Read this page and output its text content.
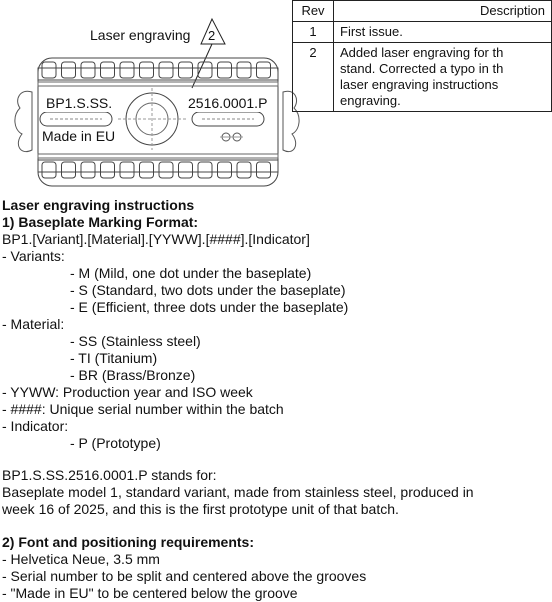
Laser engraving 2
BP1.S.SS.	2516.0001.P
Made in EU
Rev	Description
1	First issue.

2	Added laser engraving for th
stand. Corrected a typo in th
laser engraving instructions
engraving.
Laser engraving instructions
1) Baseplate Marking Format:
BP1.[Variant].[Material].[YYWW].[####].[Indicator]
- Variants:
- M (Mild, one dot under the baseplate)
- S (Standard, two dots under the baseplate)
- E (Efficient, three dots under the baseplate)
- Material:
- SS (Stainless steel)
- TI (Titanium)
- BR (Brass/Bronze)
- YYWW: Production year and ISO week
- ####: Unique serial number within the batch
- Indicator:
- P (Prototype)
BP1.S.SS.2516.0001.P stands for:
Baseplate model 1, standard variant, made from stainless steel, produced in
week 16 of 2025, and this is the first prototype unit of that batch.
2) Font and positioning requirements:
- Helvetica Neue, 3.5 mm
- Serial number to be split and centered above the grooves
- "Made in EU" to be centered below the groove
